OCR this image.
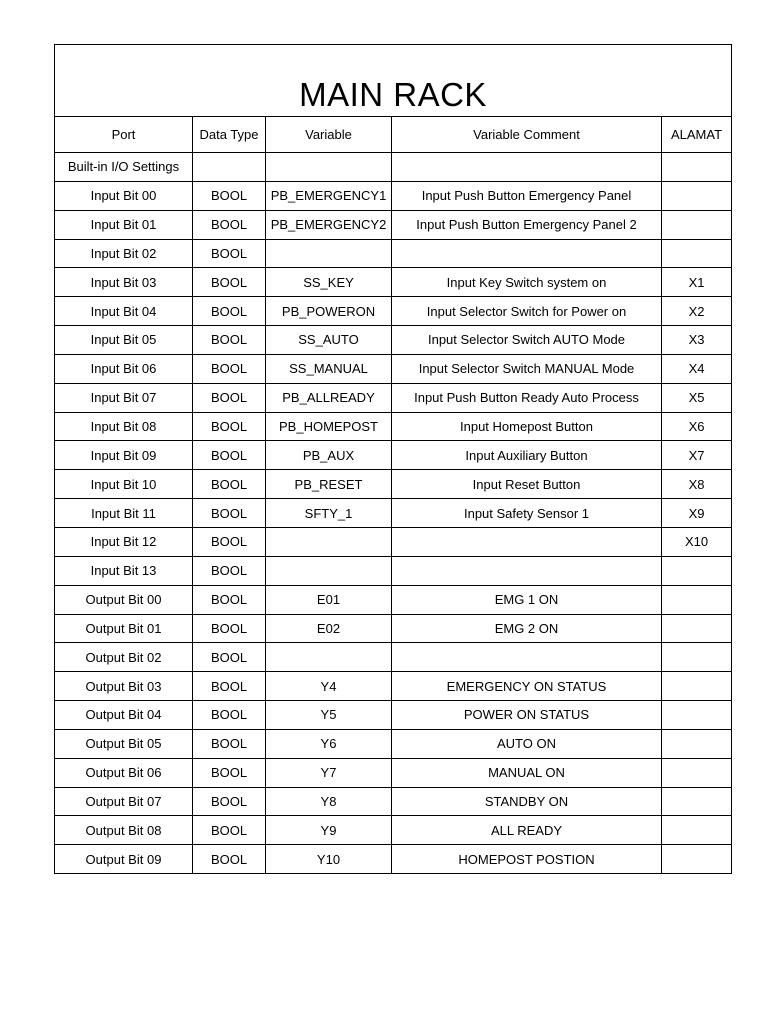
MAIN RACK				
Port	Data Type	Variable	Variable Comment	ALAMAT
Built-in I/O Settings				
Input Bit 00	BOOL	PB_EMERGENCY1	Input Push Button Emergency Panel	
Input Bit 01	BOOL	PB_EMERGENCY2	Input Push Button Emergency Panel 2	
Input Bit 02	BOOL			
Input Bit 03	BOOL	SS_KEY	Input Key Switch system on	X1
Input Bit 04	BOOL	PB_POWERON	Input Selector Switch for Power on	X2
Input Bit 05	BOOL	SS_AUTO	Input Selector Switch AUTO Mode	X3
Input Bit 06	BOOL	SS_MANUAL	Input Selector Switch MANUAL Mode	X4
Input Bit 07	BOOL	PB_ALLREADY	Input Push Button Ready Auto Process	X5
Input Bit 08	BOOL	PB_HOMEPOST	Input Homepost Button	X6
Input Bit 09	BOOL	PB_AUX	Input Auxiliary Button	X7
Input Bit 10	BOOL	PB_RESET	Input Reset Button	X8
Input Bit 11	BOOL	SFTY_1	Input Safety Sensor 1	X9
Input Bit 12	BOOL			X10
Input Bit 13	BOOL			
Output Bit 00	BOOL	E01	EMG 1 ON	
Output Bit 01	BOOL	E02	EMG 2 ON	
Output Bit 02	BOOL			
Output Bit 03	BOOL	Y4	EMERGENCY ON STATUS	
Output Bit 04	BOOL	Y5	POWER ON STATUS	
Output Bit 05	BOOL	Y6	AUTO ON	
Output Bit 06	BOOL	Y7	MANUAL ON	
Output Bit 07	BOOL	Y8	STANDBY ON	
Output Bit 08	BOOL	Y9	ALL READY	
Output Bit 09	BOOL	Y10	HOMEPOST POSTION	
